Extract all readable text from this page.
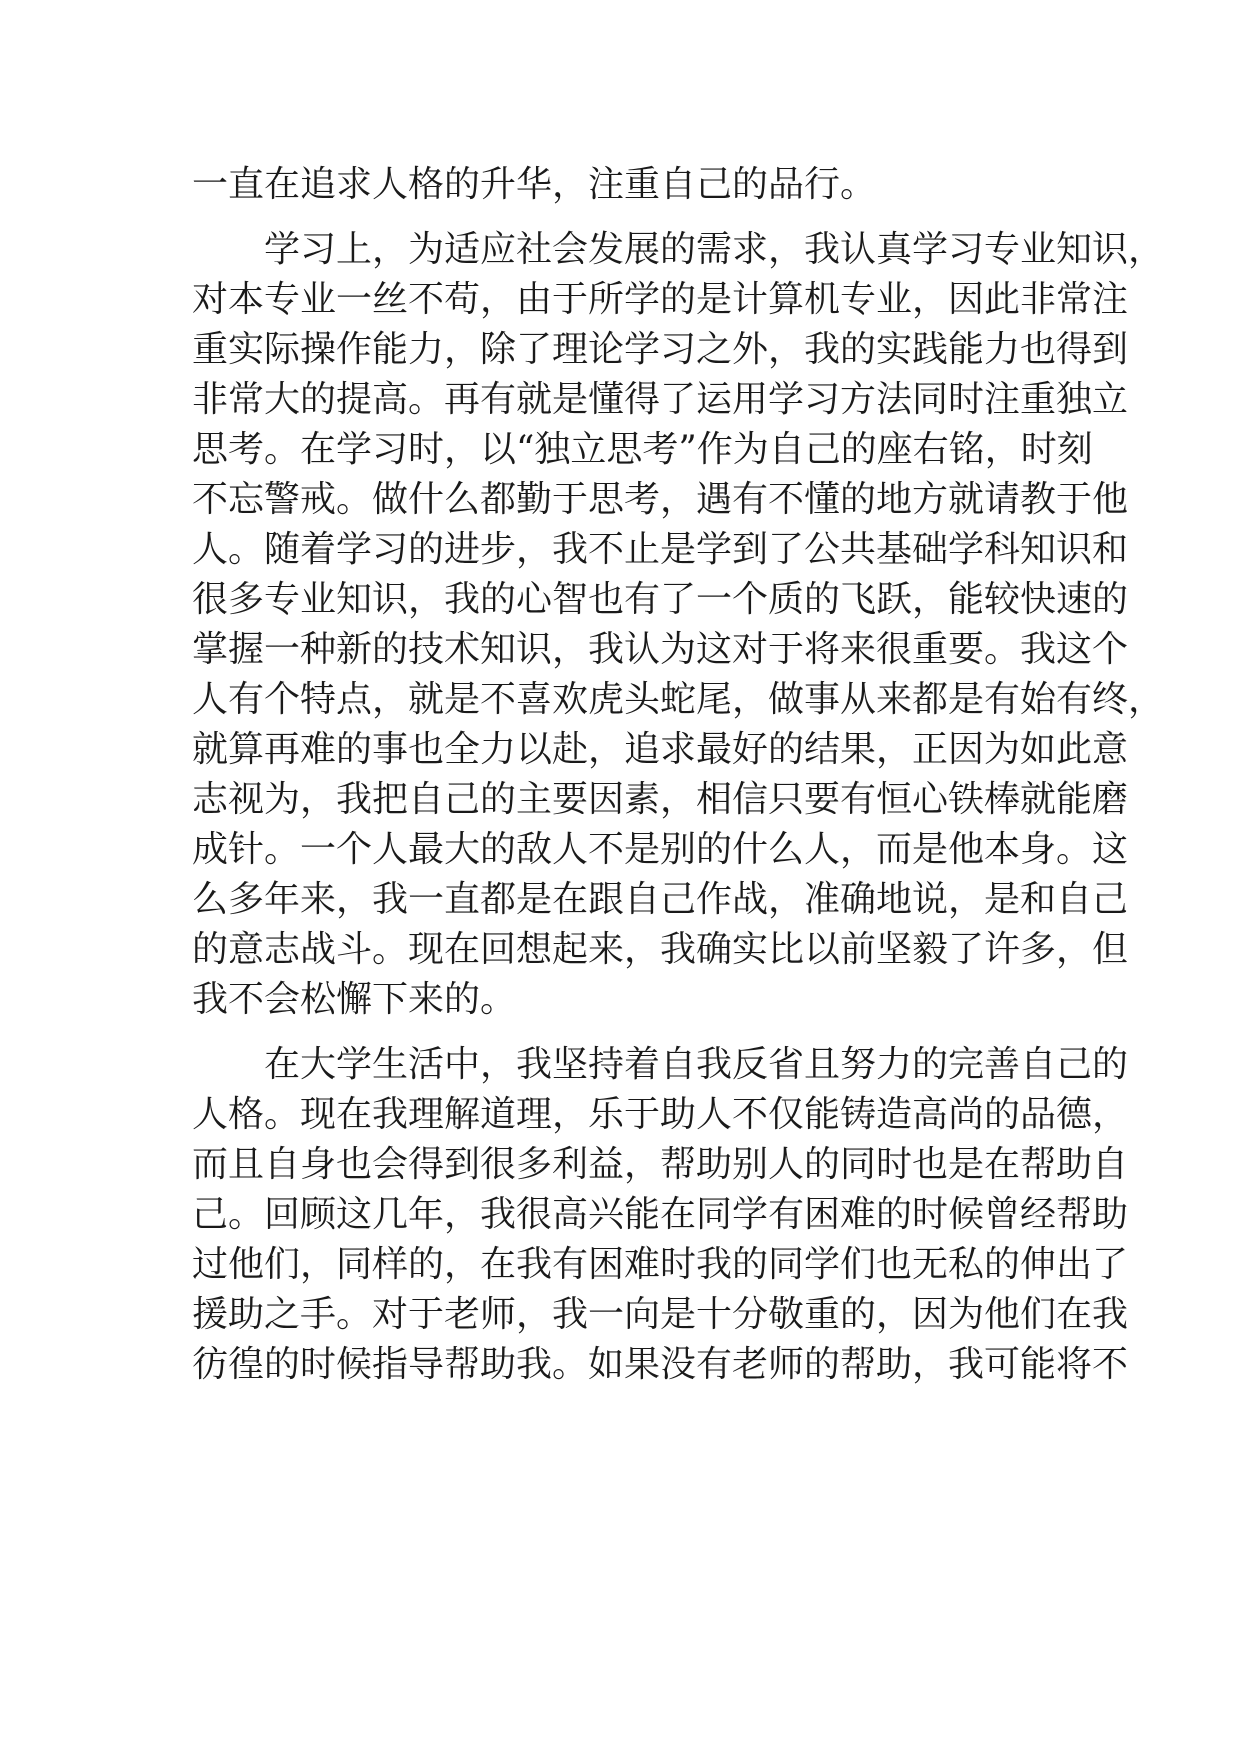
一直在追求人格的升华，注重自己的品行。
学习上，为适应社会发展的需求，我认真学习专业知识，
对本专业一丝不苟，由于所学的是计算机专业，因此非常注
重实际操作能力，除了理论学习之外，我的实践能力也得到
非常大的提高。再有就是懂得了运用学习方法同时注重独立
思考。在学习时，以“独立思考”作为自己的座右铭，时刻
不忘警戒。做什么都勤于思考，遇有不懂的地方就请教于他
人。随着学习的进步，我不止是学到了公共基础学科知识和
很多专业知识，我的心智也有了一个质的飞跃，能较快速的
掌握一种新的技术知识，我认为这对于将来很重要。我这个
人有个特点，就是不喜欢虎头蛇尾，做事从来都是有始有终，
就算再难的事也全力以赴，追求最好的结果，正因为如此意
志视为，我把自己的主要因素，相信只要有恒心铁棒就能磨
成针。一个人最大的敌人不是别的什么人，而是他本身。这
么多年来，我一直都是在跟自己作战，准确地说，是和自己
的意志战斗。现在回想起来，我确实比以前坚毅了许多，但
我不会松懈下来的。
在大学生活中，我坚持着自我反省且努力的完善自己的
人格。现在我理解道理，乐于助人不仅能铸造高尚的品德，
而且自身也会得到很多利益，帮助别人的同时也是在帮助自
己。回顾这几年，我很高兴能在同学有困难的时候曾经帮助
过他们，同样的，在我有困难时我的同学们也无私的伸出了
援助之手。对于老师，我一向是十分敬重的，因为他们在我
彷徨的时候指导帮助我。如果没有老师的帮助，我可能将不
